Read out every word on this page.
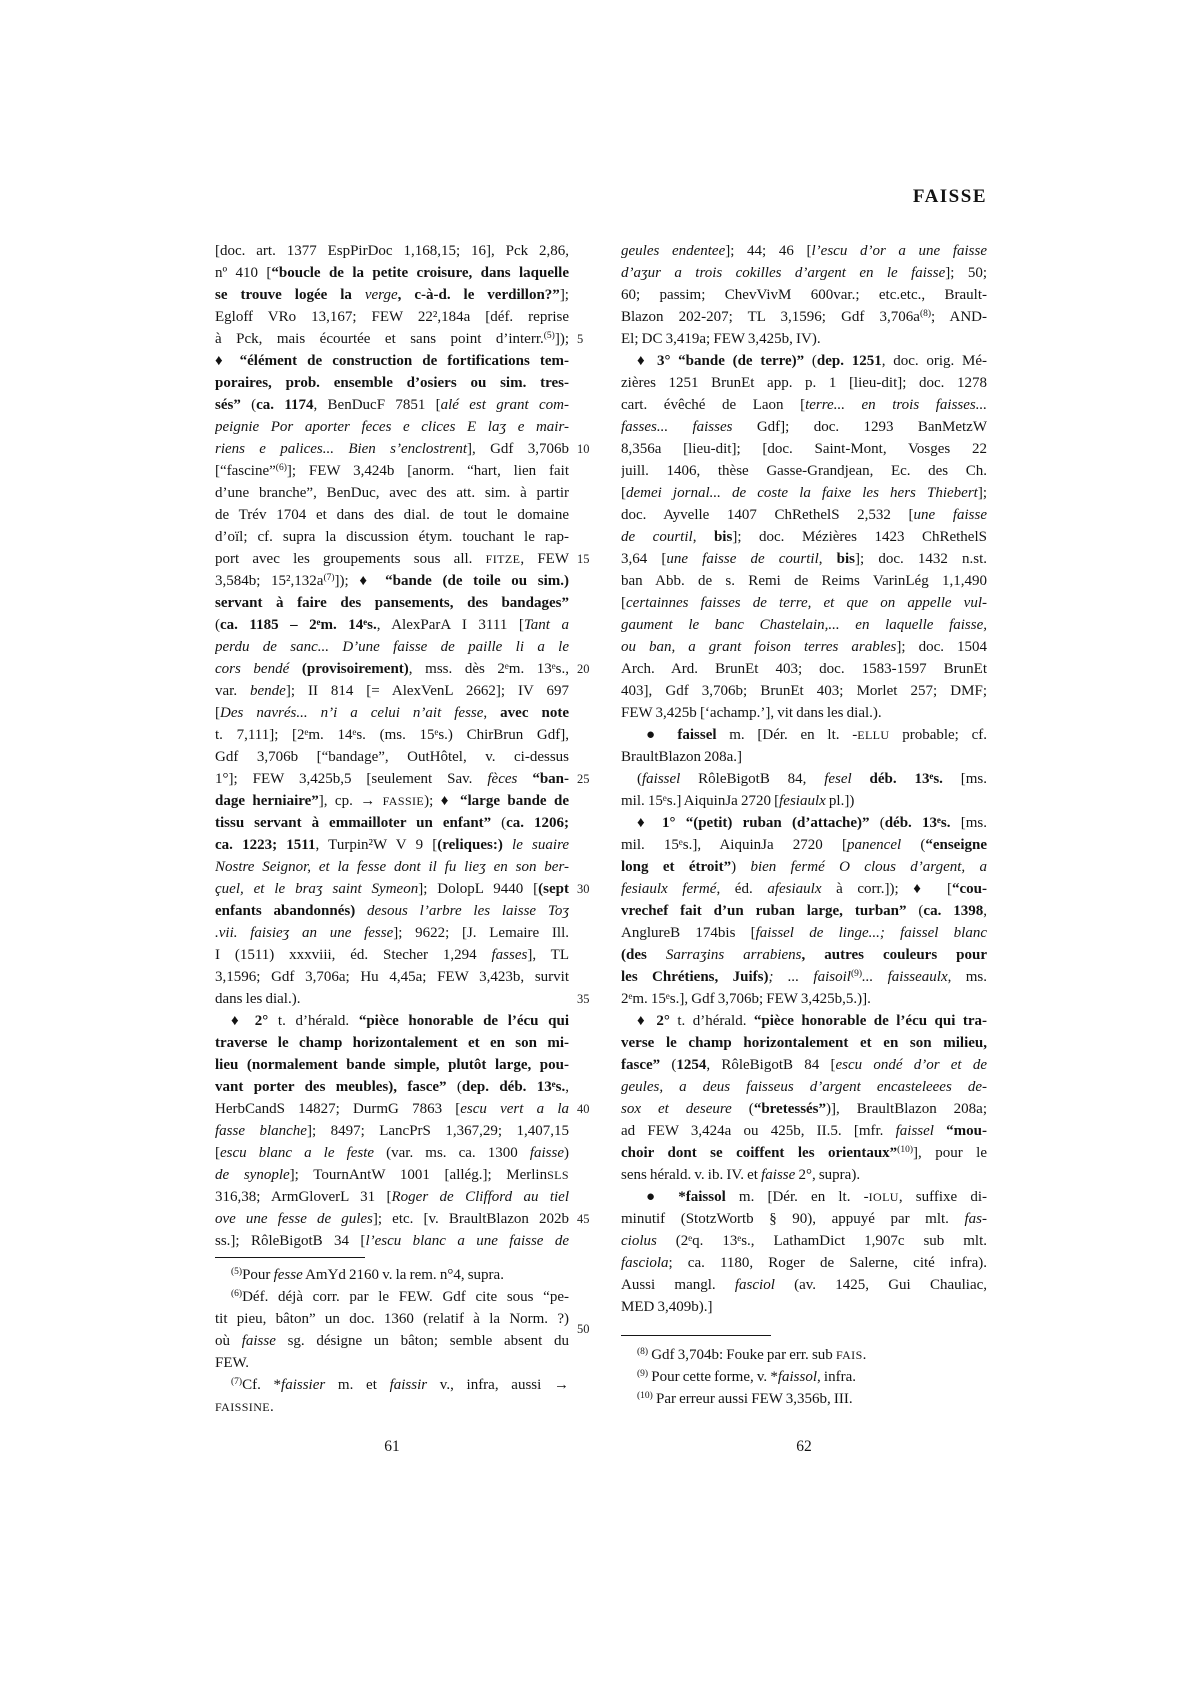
FAISSE
[doc. art. 1377 EspPirDoc 1,168,15; 16], Pck 2,86,
nº 410 [“boucle de la petite croisure, dans laquelle
se trouve logée la verge, c-à-d. le verdillon?”];
Egloff VRo 13,167; FEW 22²,184a [déf. reprise
à Pck, mais écourtée et sans point d’interr.$^{(5)}$]);
♦ “élément de construction de fortifications tem-
poraires, prob. ensemble d’osiers ou sim. tres-
sés” (ca. 1174, BenDucF 7851 [alé est grant com-
peignie Por aporter feces e clices E laʒ e mair-
riens e palices... Bien s’enclostrent], Gdf 3,706b
[“fascine”$^{(6)}$]; FEW 3,424b [anorm. “hart, lien fait
d’une branche”, BenDuc, avec des att. sim. à partir
de Trév 1704 et dans des dial. de tout le domaine
d’oïl; cf. supra la discussion étym. touchant le rap-
port avec les groupements sous all. FITZE, FEW
3,584b; $15^2,132a^{(7)}$]); ♦ “bande (de toile ou sim.)
servant à faire des pansements, des bandages”
(ca. 1185 – 2ᵉm. 14ᵉs., AlexParA I 3111 [Tant a
perdu de sanc... D’une faisse de paille li a le
cors bendé (provisoirement), mss. dès 2ᵉm. 13ᵉs.,
var. bende]; II 814 [= AlexVenL 2662]; IV 697
[Des navrés... n’i a celui n’ait fesse, avec note
t. 7,111]; [2ᵉm. 14ᵉs. (ms. 15ᵉs.) ChirBrun Gdf],
Gdf 3,706b [“bandage”, OutHôtel, v. ci-dessus
1°]; FEW 3,425b,5 [seulement Sav. fèces “ban-
dage herniaire”], cp. → FASSIE); ♦ “large bande de
tissu servant à emmailloter un enfant” (ca. 1206;
ca. 1223; 1511, Turpin²W V 9 [(reliques:) le suaire
Nostre Seignor, et la fesse dont il fu lieʒ en son ber-
çuel, et le braʒ saint Symeon]; DolopL 9440 [(sept
enfants abandonnés) desous l’arbre les laisse Toʒ
.vii. faisieʒ an une fesse]; 9622; [J. Lemaire Ill.
I (1511) xxxviii, éd. Stecher 1,294 fasses], TL
3,1596; Gdf 3,706a; Hu 4,45a; FEW 3,423b, survit
dans les dial.).
♦ 2° t. d’hérald. “pièce honorable de l’écu qui
traverse le champ horizontalement et en son mi-
lieu (normalement bande simple, plutôt large, pou-
vant porter des meubles), fasce” (dep. déb. 13ᵉs.,
HerbCandS 14827; DurmG 7863 [escu vert a la
fasse blanche]; 8497; LancPrS 1,367,29; 1,407,15
[escu blanc a le feste (var. ms. ca. 1300 faisse)
de synople]; TournAntW 1001 [allég.]; MerlinSLS
316,38; ArmGloverL 31 [Roger de Clifford au tiel
ove une fesse de gules]; etc. [v. BraultBlazon 202b
ss.]; RôleBigotB 34 [l’escu blanc a une faisse de
geules endentee]; 44; 46 [l’escu d’or a une faisse
d’aʒur a trois cokilles d’argent en le faisse]; 50;
60; passim; ChevVivM 600var.; etc.etc., Brault-
Blazon 202-207; TL 3,1596; Gdf $3,706a^{(8)}$; AND-
El; DC 3,419a; FEW 3,425b, IV).
♦ 3° “bande (de terre)” (dep. 1251, doc. orig. Mé-
zières 1251 BrunEt app. p. 1 [lieu-dit]; doc. 1278
cart. évêché de Laon [terre... en trois faisses...
fasses... faisses Gdf]; doc. 1293 BanMetzW
8,356a [lieu-dit]; [doc. Saint-Mont, Vosges 22
juill. 1406, thèse Gasse-Grandjean, Ec. des Ch.
[demei jornal... de coste la faixe les hers Thiebert];
doc. Ayvelle 1407 ChRethelS 2,532 [une faisse
de courtil, bis]; doc. Mézières 1423 ChRethelS
3,64 [une faisse de courtil, bis]; doc. 1432 n.st.
ban Abb. de s. Remi de Reims VarinLég 1,1,490
[certainnes faisses de terre, et que on appelle vul-
gaument le banc Chastelain,... en laquelle faisse,
ou ban, a grant foison terres arables]; doc. 1504
Arch. Ard. BrunEt 403; doc. 1583-1597 BrunEt
403], Gdf 3,706b; BrunEt 403; Morlet 257; DMF;
FEW 3,425b [‘achamp.’], vit dans les dial.).
● faissel m. [Dér. en lt. -ELLU probable; cf.
BraultBlazon 208a.]
(faissel RôleBigotB 84, fesel déb. 13ᵉs. [ms.
mil. 15ᵉs.] AiquinJa 2720 [fesiaulx pl.])
♦ 1° “(petit) ruban (d’attache)” (déb. 13ᵉs. [ms.
mil. 15ᵉs.], AiquinJa 2720 [panencel (“enseigne
long et étroit”) bien fermé O clous d’argent, a
fesiaulx fermé, éd. afesiaulx à corr.]); ♦ [“cou-
vrechef fait d’un ruban large, turban” (ca. 1398,
AnglureB 174bis [faissel de linge...; faissel blanc
(des Sarraʒins arrabiens, autres couleurs pour
les Chrétiens, Juifs); ... faisoil$^{(9)}$... faisseaulx, ms.
2ᵉm. 15ᵉs.], Gdf 3,706b; FEW 3,425b,5.)].
♦ 2° t. d’hérald. “pièce honorable de l’écu qui tra-
verse le champ horizontalement et en son milieu,
fasce” (1254, RôleBigotB 84 [escu ondé d’or et de
geules, a deus faisseus d’argent encasteleees de-
sox et deseure (“bretessés”)], BraultBlazon 208a;
ad FEW 3,424a ou 425b, II.5. [mfr. faissel “mou-
choir dont se coiffent les orientaux”$^{(10)}$], pour le
sens hérald. v. ib. IV. et faisse 2°, supra).
● *faissol m. [Dér. en lt. -IOLU, suffixe di-
minutif (StotzWortb § 90), appuyé par mlt. fas-
ciolus (2ᵉq. 13ᵉs., LathamDict 1,907c sub mlt.
fasciola; ca. 1180, Roger de Salerne, cité infra).
Aussi mangl. fasciol (av. 1425, Gui Chauliac,
MED 3,409b).]
5
10
15
20
25
30
35
40
45
50
$^{(5)}$Pour fesse AmYd 2160 v. la rem. n°4, supra.
$^{(6)}$Déf. déjà corr. par le FEW. Gdf cite sous “pe-
tit pieu, bâton” un doc. 1360 (relatif à la Norm. ?)
où faisse sg. désigne un bâton; semble absent du
FEW.
$^{(7)}$Cf. *faissier m. et faissir v., infra, aussi →
FAISSINE.
$^{(8)}$ Gdf 3,704b: Fouke par err. sub FAIS.
$^{(9)}$ Pour cette forme, v. *faissol, infra.
$^{(10)}$ Par erreur aussi FEW 3,356b, III.
61	62
